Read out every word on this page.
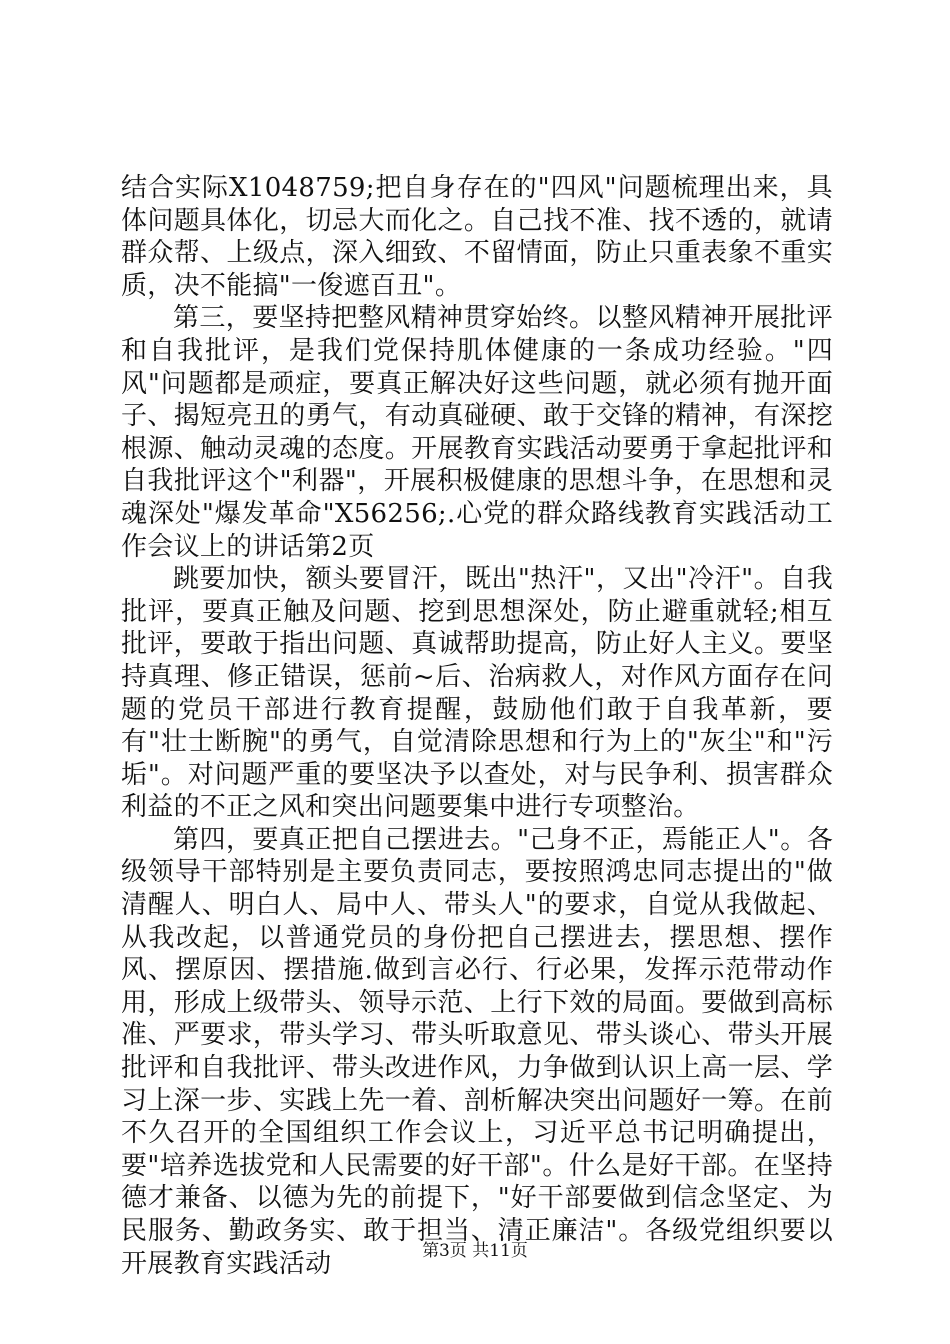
结合实际X1048759;把自身存在的"四风"问题梳理出来，具体问题具体化，切忌大而化之。自己找不准、找不透的，就请群众帮、上级点，深入细致、不留情面，防止只重表象不重实质，决不能搞"一俊遮百丑"。

第三，要坚持把整风精神贯穿始终。以整风精神开展批评和自我批评，是我们党保持肌体健康的一条成功经验。"四风"问题都是顽症，要真正解决好这些问题，就必须有抛开面子、揭短亮丑的勇气，有动真碰硬、敢于交锋的精神，有深挖根源、触动灵魂的态度。开展教育实践活动要勇于拿起批评和自我批评这个"利器"，开展积极健康的思想斗争，在思想和灵魂深处"爆发革命"X56256;.心党的群众路线教育实践活动工作会议上的讲话第2页

跳要加快，额头要冒汗，既出"热汗"，又出"冷汗"。自我批评，要真正触及问题、挖到思想深处，防止避重就轻;相互批评，要敢于指出问题、真诚帮助提高，防止好人主义。要坚持真理、修正错误，惩前~后、治病救人，对作风方面存在问题的党员干部进行教育提醒，鼓励他们敢于自我革新，要有"壮士断腕"的勇气，自觉清除思想和行为上的"灰尘"和"污垢"。对问题严重的要坚决予以查处，对与民争利、损害群众利益的不正之风和突出问题要集中进行专项整治。

第四，要真正把自己摆进去。"己身不正，焉能正人"。各级领导干部特别是主要负责同志，要按照鸿忠同志提出的"做清醒人、明白人、局中人、带头人"的要求，自觉从我做起、从我改起，以普通党员的身份把自己摆进去，摆思想、摆作风、摆原因、摆措施.做到言必行、行必果，发挥示范带动作用，形成上级带头、领导示范、上行下效的局面。要做到高标准、严要求，带头学习、带头听取意见、带头谈心、带头开展批评和自我批评、带头改进作风，力争做到认识上高一层、学习上深一步、实践上先一着、剖析解决突出问题好一筹。在前不久召开的全国组织工作会议上，习近平总书记明确提出，要"培养选拔党和人民需要的好干部"。什么是好干部。在坚持德才兼备、以德为先的前提下，"好干部要做到信念坚定、为民服务、勤政务实、敢于担当、清正廉洁"。各级党组织要以开展教育实践活动	第3页 共11页
